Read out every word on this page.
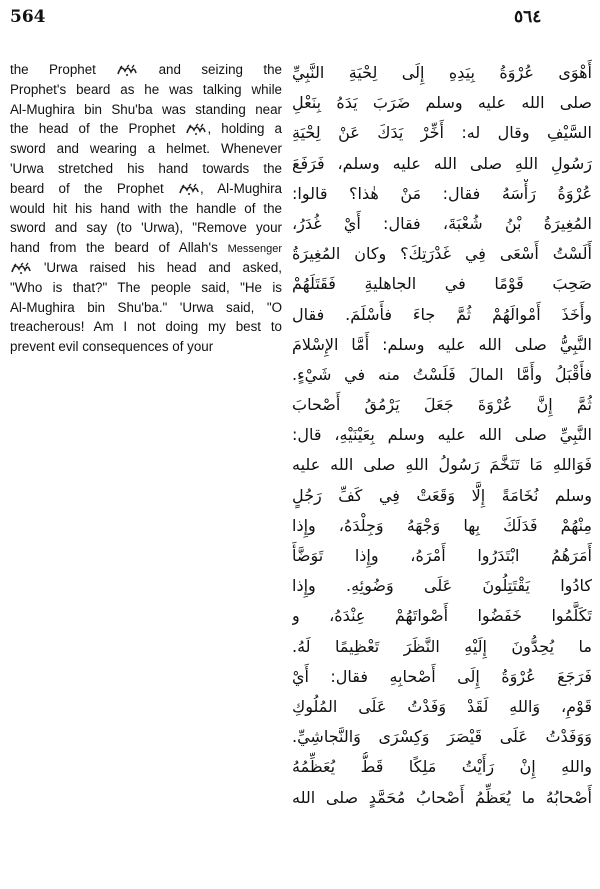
564	٥٦٤
the Prophet  and seizing the
Prophet's beard as he was talking while
Al-Mughira bin Shu'ba was standing near
the head of the Prophet , holding a
sword and wearing a helmet. Whenever
'Urwa stretched his hand towards the
beard of the Prophet , Al-Mughira
would hit his hand with the handle of the
sword and say (to 'Urwa), "Remove your
hand from the beard of Allah's Messenger
'Urwa raised his head and asked,
"Who is that?" The people said, "He is
Al-Mughira bin Shu'ba." 'Urwa said, "O
treacherous! Am I not doing my best to
prevent evil consequences of your
أَهْوَى عُرْوَةُ بِيَدِهِ إِلَى لِحْيَةِ النَّبِيِّ
صلى الله عليه وسلم ضَرَبَ يَدَهُ بِنَعْلِ
السَّيْفِ وقال له: أَخِّرْ يَدَكَ عَنْ لِحْيَةِ
رَسُولِ اللهِ صلى الله عليه وسلم، فَرَفَعَ
عُرْوَةُ رَأْسَهُ فقال: مَنْ هٰذا؟ قالوا:
المُغِيرَةُ بْنُ شُعْبَةَ، فقال: أَيْ غُدَرُ،
أَلَسْتُ أَسْعَى فِي غَدْرَتِكَ؟ وكان المُغِيرَةُ
صَحِبَ قَوْمًا في الجاهليةِ فَقَتَلَهُمْ
وأَخَذَ أَمْوالَهُمْ ثُمَّ جاءَ فأَسْلَمَ. فقال
النَّبِيُّ صلى الله عليه وسلم: أَمَّا الإِسْلامَ
فأَقْبَلُ وأَمَّا المالَ فَلَسْتُ منه في شَيْءٍ.
ثُمَّ إِنَّ عُرْوَةَ جَعَلَ يَرْمُقُ أَصْحابَ
النَّبِيِّ صلى الله عليه وسلم بِعَيْنَيْهِ، قال:
فَوَاللهِ مَا تَنَخَّمَ رَسُولُ اللهِ صلى الله عليه
وسلم نُخَامَةً إِلَّا وَقَعَتْ فِي كَفِّ رَجُلٍ
مِنْهُمْ فَدَلَكَ بِها وَجْهَهُ وَجِلْدَهُ، وإِذا
أَمَرَهُمُ ابْتَدَرُوا أَمْرَهُ، وإِذا تَوَضَّأَ
كادُوا يَقْتَتِلُونَ عَلَى وَضُوئِهِ. وإِذا
تَكَلَّمُوا خَفَضُوا أَصْواتَهُمْ عِنْدَهُ، و
ما يُحِدُّونَ إِلَيْهِ النَّظَرَ تَعْظِيمًا لَهُ.
فَرَجَعَ عُرْوَةُ إِلَى أَصْحابِهِ فقال: أَيْ
قَوْمِ، وَاللهِ لَقَدْ وَفَدْتُ عَلَى المُلُوكِ
وَوَفَدْتُ عَلَى قَيْصَرَ وَكِسْرَى وَالنَّجاشِيِّ.
واللهِ إِنْ رَأَيْتُ مَلِكًا قَطُّ يُعَظِّمُهُ
أَصْحابُهُ ما يُعَظِّمُ أَصْحابُ مُحَمَّدٍ صلى الله
